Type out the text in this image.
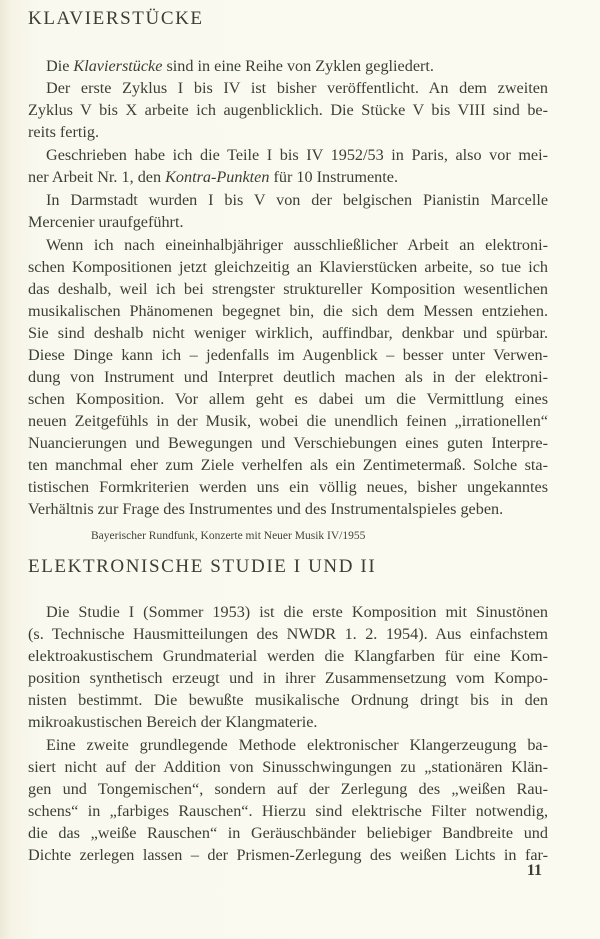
KLAVIERSTÜCKE
Die Klavierstücke sind in eine Reihe von Zyklen gegliedert.
Der erste Zyklus I bis IV ist bisher veröffentlicht. An dem zweiten
Zyklus V bis X arbeite ich augenblicklich. Die Stücke V bis VIII sind be-
reits fertig.
Geschrieben habe ich die Teile I bis IV 1952/53 in Paris, also vor mei-
ner Arbeit Nr. 1, den Kontra-Punkten für 10 Instrumente.
In Darmstadt wurden I bis V von der belgischen Pianistin Marcelle
Mercenier uraufgeführt.
Wenn ich nach eineinhalbjähriger ausschließlicher Arbeit an elektroni-
schen Kompositionen jetzt gleichzeitig an Klavierstücken arbeite, so tue ich
das deshalb, weil ich bei strengster struktureller Komposition wesentlichen
musikalischen Phänomenen begegnet bin, die sich dem Messen entziehen.
Sie sind deshalb nicht weniger wirklich, auffindbar, denkbar und spürbar.
Diese Dinge kann ich – jedenfalls im Augenblick – besser unter Verwen-
dung von Instrument und Interpret deutlich machen als in der elektroni-
schen Komposition. Vor allem geht es dabei um die Vermittlung eines
neuen Zeitgefühls in der Musik, wobei die unendlich feinen „irrationellen“
Nuancierungen und Bewegungen und Verschiebungen eines guten Interpre-
ten manchmal eher zum Ziele verhelfen als ein Zentimetermaß. Solche sta-
tistischen Formkriterien werden uns ein völlig neues, bisher ungekanntes
Verhältnis zur Frage des Instrumentes und des Instrumentalspieles geben.
Bayerischer Rundfunk, Konzerte mit Neuer Musik IV/1955
ELEKTRONISCHE STUDIE I UND II
Die Studie I (Sommer 1953) ist die erste Komposition mit Sinustönen
(s. Technische Hausmitteilungen des NWDR 1. 2. 1954). Aus einfachstem
elektroakustischem Grundmaterial werden die Klangfarben für eine Kom-
position synthetisch erzeugt und in ihrer Zusammensetzung vom Kompo-
nisten bestimmt. Die bewußte musikalische Ordnung dringt bis in den
mikroakustischen Bereich der Klangmaterie.
Eine zweite grundlegende Methode elektronischer Klangerzeugung ba-
siert nicht auf der Addition von Sinusschwingungen zu „stationären Klän-
gen und Tongemischen“, sondern auf der Zerlegung des „weißen Rau-
schens“ in „farbiges Rauschen“. Hierzu sind elektrische Filter notwendig,
die das „weiße Rauschen“ in Geräuschbänder beliebiger Bandbreite und
Dichte zerlegen lassen – der Prismen-Zerlegung des weißen Lichts in far-
11
